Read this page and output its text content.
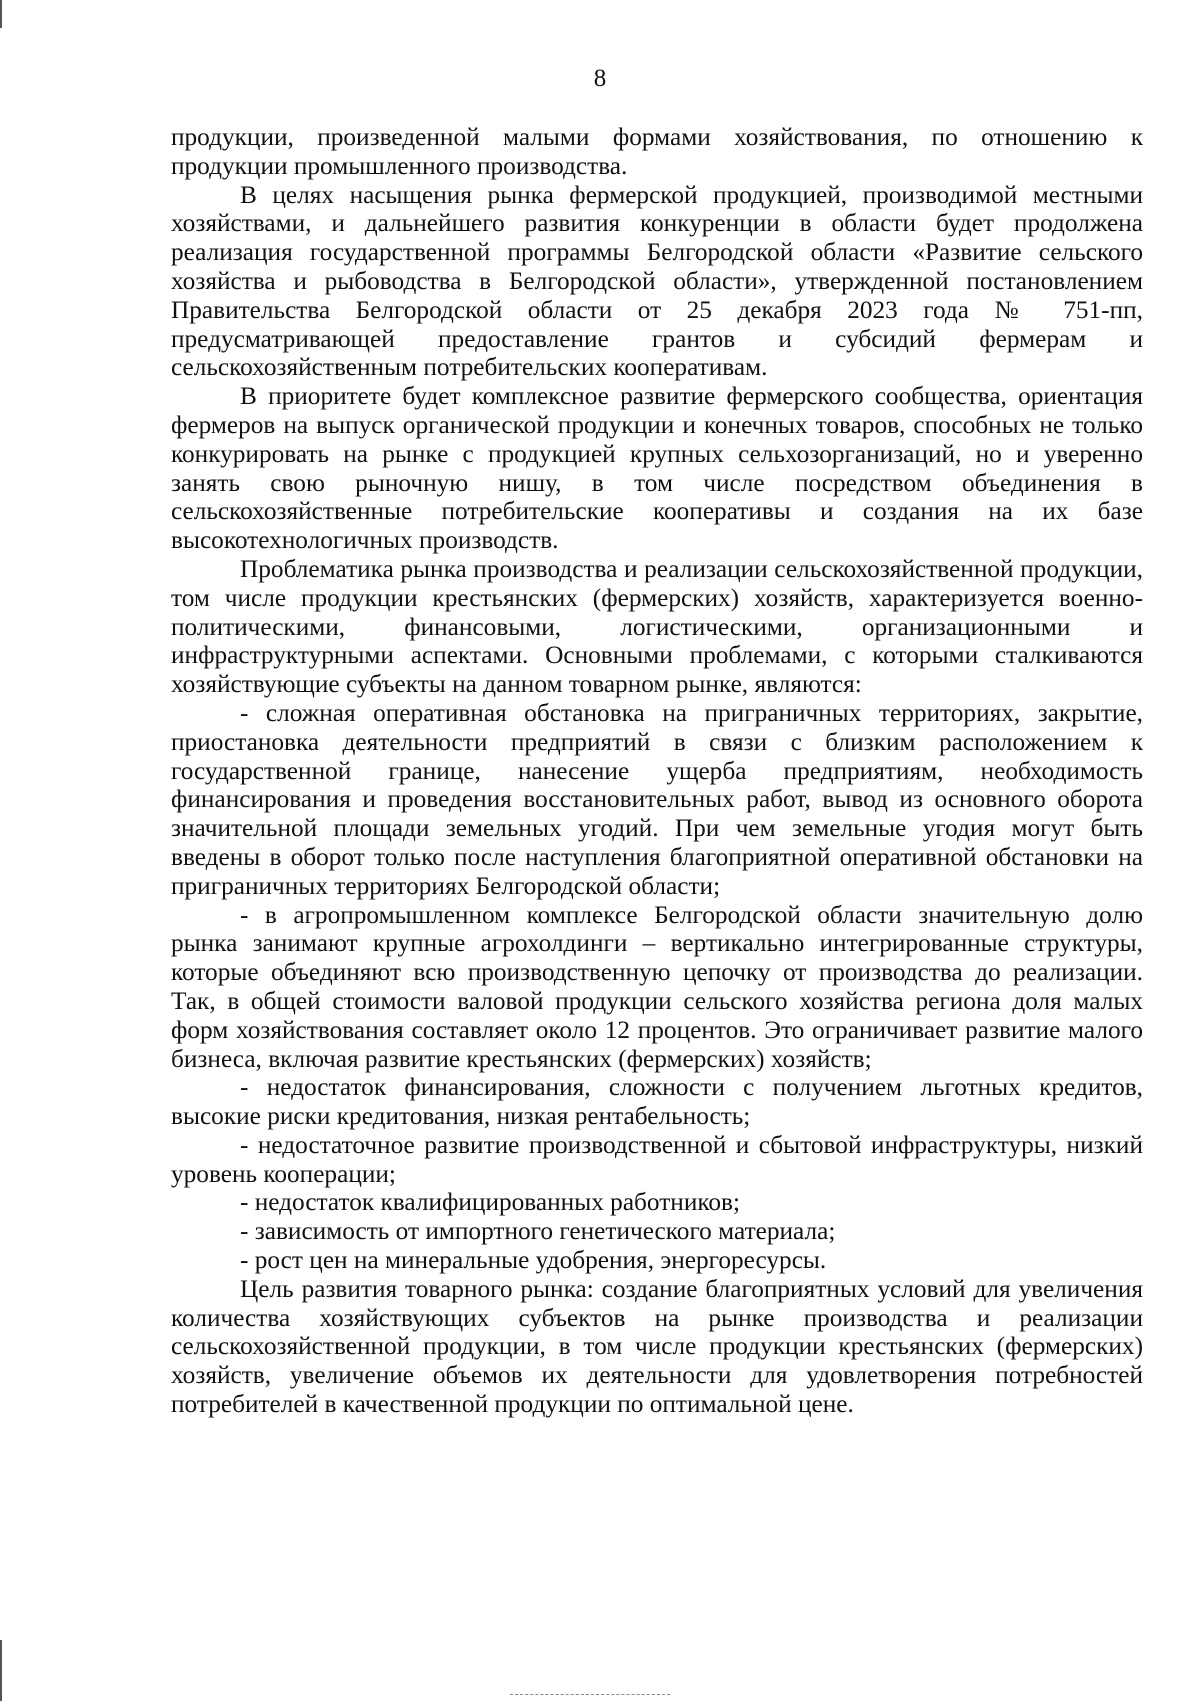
8

продукции, произведенной малыми формами хозяйствования, по отношению к продукции промышленного производства.

В целях насыщения рынка фермерской продукцией, производимой местными хозяйствами, и дальнейшего развития конкуренции в области будет продолжена реализация государственной программы Белгородской области «Развитие сельского хозяйства и рыбоводства в Белгородской области», утвержденной постановлением Правительства Белгородской области от 25 декабря 2023 года № 751-пп, предусматривающей предоставление грантов и субсидий фермерам и сельскохозяйственным потребительских кооперативам.

В приоритете будет комплексное развитие фермерского сообщества, ориентация фермеров на выпуск органической продукции и конечных товаров, способных не только конкурировать на рынке с продукцией крупных сельхозорганизаций, но и уверенно занять свою рыночную нишу, в том числе посредством объединения в сельскохозяйственные потребительские кооперативы и создания на их базе высокотехнологичных производств.

Проблематика рынка производства и реализации сельскохозяйственной продукции, том числе продукции крестьянских (фермерских) хозяйств, характеризуется военно-политическими, финансовыми, логистическими, организационными и инфраструктурными аспектами. Основными проблемами, с которыми сталкиваются хозяйствующие субъекты на данном товарном рынке, являются:

- сложная оперативная обстановка на приграничных территориях, закрытие, приостановка деятельности предприятий в связи с близким расположением к государственной границе, нанесение ущерба предприятиям, необходимость финансирования и проведения восстановительных работ, вывод из основного оборота значительной площади земельных угодий. При чем земельные угодия могут быть введены в оборот только после наступления благоприятной оперативной обстановки на приграничных территориях Белгородской области;

- в агропромышленном комплексе Белгородской области значительную долю рынка занимают крупные агрохолдинги – вертикально интегрированные структуры, которые объединяют всю производственную цепочку от производства до реализации. Так, в общей стоимости валовой продукции сельского хозяйства региона доля малых форм хозяйствования составляет около 12 процентов. Это ограничивает развитие малого бизнеса, включая развитие крестьянских (фермерских) хозяйств;

- недостаток финансирования, сложности с получением льготных кредитов, высокие риски кредитования, низкая рентабельность;

- недостаточное развитие производственной и сбытовой инфраструктуры, низкий уровень кооперации;

- недостаток квалифицированных работников;

- зависимость от импортного генетического материала;

- рост цен на минеральные удобрения, энергоресурсы.

Цель развития товарного рынка: создание благоприятных условий для увеличения количества хозяйствующих субъектов на рынке производства и реализации сельскохозяйственной продукции, в том числе продукции крестьянских (фермерских) хозяйств, увеличение объемов их деятельности для удовлетворения потребностей потребителей в качественной продукции по оптимальной цене.
